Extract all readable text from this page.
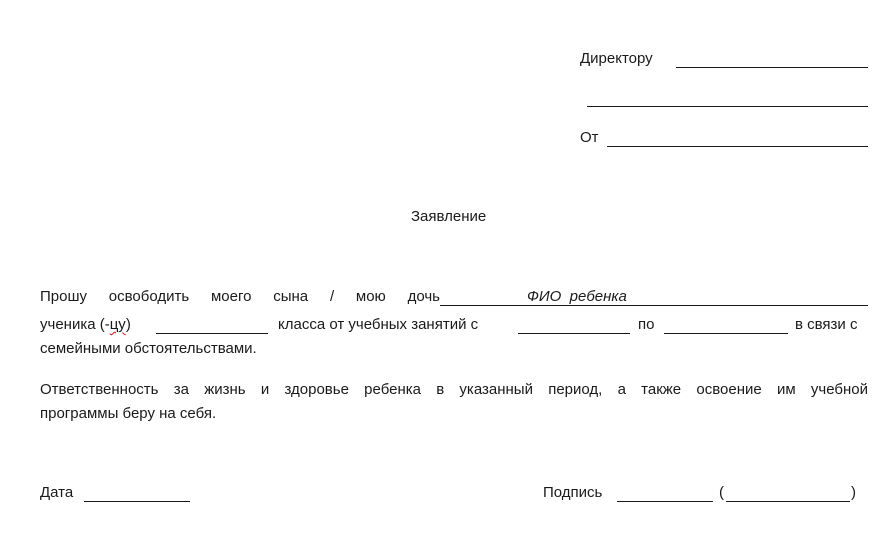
Директору
От
Заявление
Прошу освободить моего сына / мою дочь	ФИО  ребенка
ученика (-цу)	класса от учебных занятий с	по	в связи с
семейными обстоятельствами.
Ответственность за жизнь и здоровье ребенка в указанный период, а также освоение им учебной
программы беру на себя.
Дата	Подпись	(	)
